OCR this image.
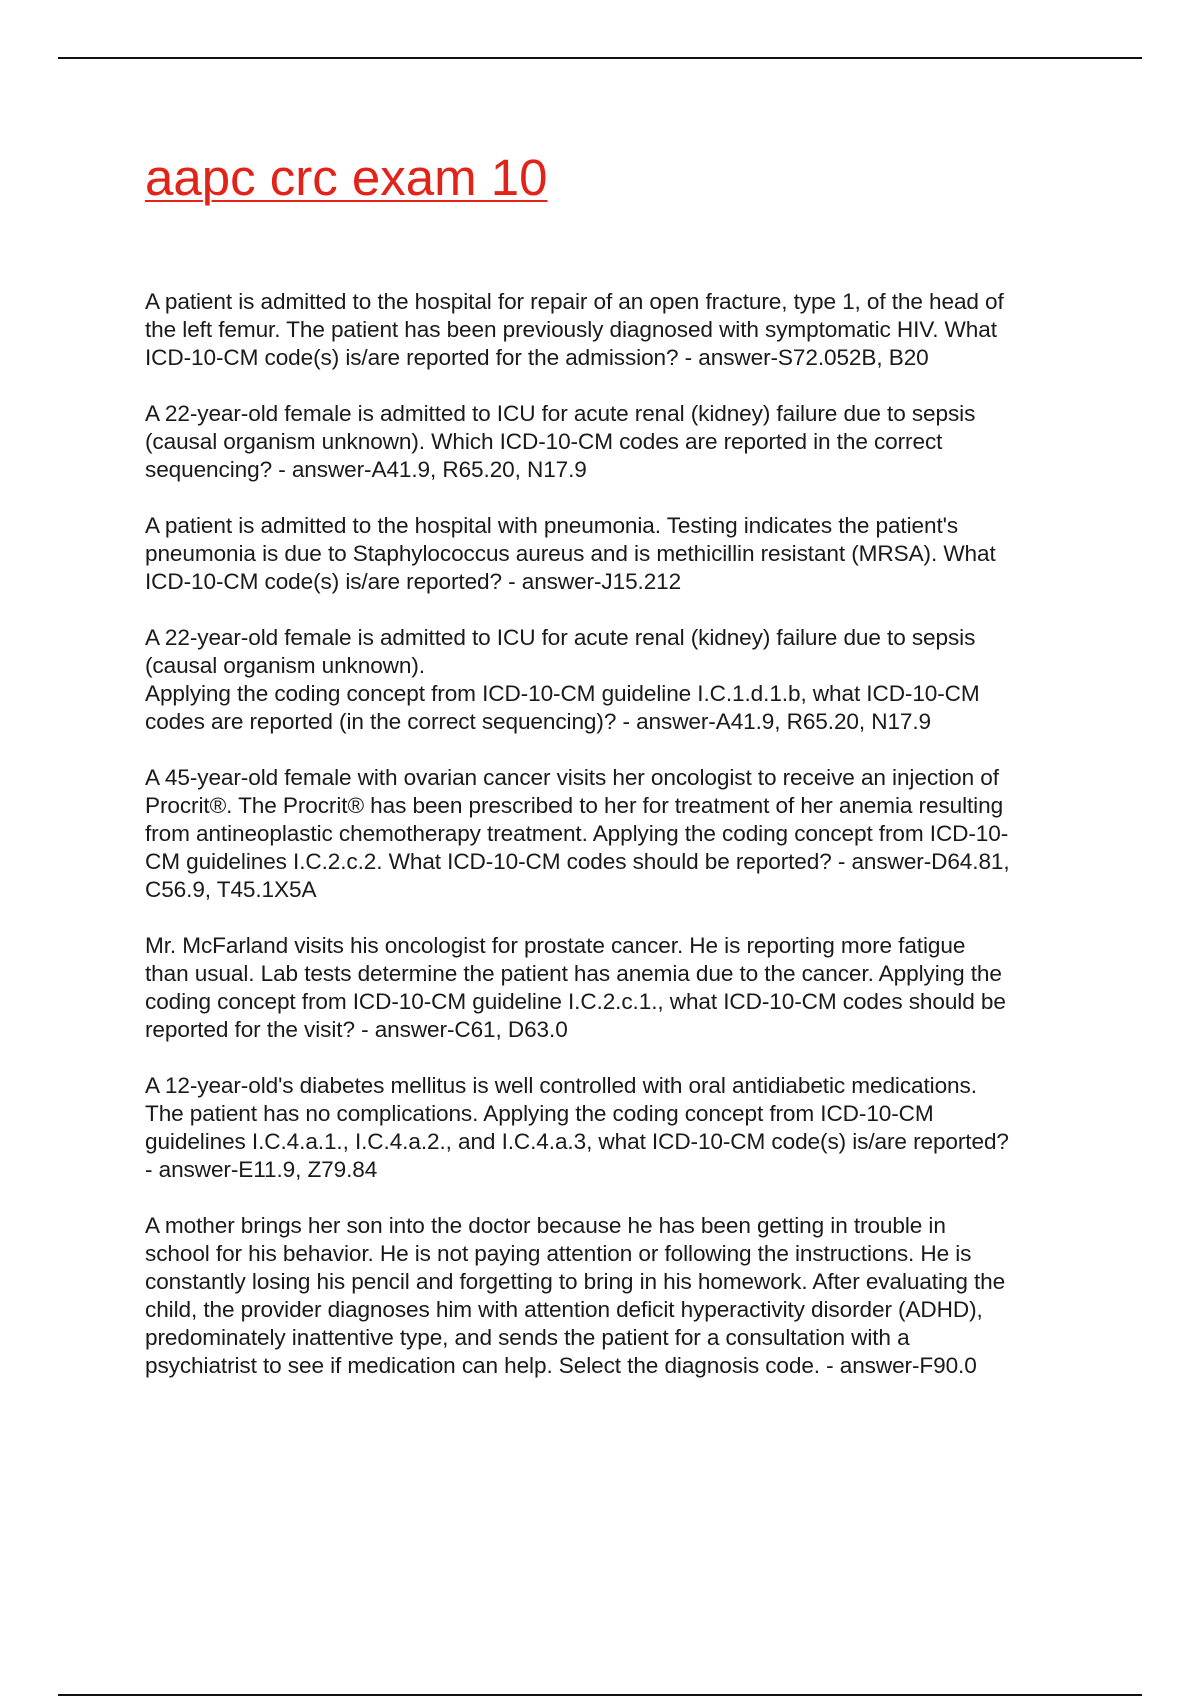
aapc crc exam 10

A patient is admitted to the hospital for repair of an open fracture, type 1, of the head of
the left femur. The patient has been previously diagnosed with symptomatic HIV. What
ICD-10-CM code(s) is/are reported for the admission? - answer-S72.052B, B20

A 22-year-old female is admitted to ICU for acute renal (kidney) failure due to sepsis
(causal organism unknown). Which ICD-10-CM codes are reported in the correct
sequencing? - answer-A41.9, R65.20, N17.9

A patient is admitted to the hospital with pneumonia. Testing indicates the patient's
pneumonia is due to Staphylococcus aureus and is methicillin resistant (MRSA). What
ICD-10-CM code(s) is/are reported? - answer-J15.212

A 22-year-old female is admitted to ICU for acute renal (kidney) failure due to sepsis
(causal organism unknown).
Applying the coding concept from ICD-10-CM guideline I.C.1.d.1.b, what ICD-10-CM
codes are reported (in the correct sequencing)? - answer-A41.9, R65.20, N17.9

A 45-year-old female with ovarian cancer visits her oncologist to receive an injection of
Procrit®. The Procrit® has been prescribed to her for treatment of her anemia resulting
from antineoplastic chemotherapy treatment. Applying the coding concept from ICD-10-
CM guidelines I.C.2.c.2. What ICD-10-CM codes should be reported? - answer-D64.81,
C56.9, T45.1X5A

Mr. McFarland visits his oncologist for prostate cancer. He is reporting more fatigue
than usual. Lab tests determine the patient has anemia due to the cancer. Applying the
coding concept from ICD-10-CM guideline I.C.2.c.1., what ICD-10-CM codes should be
reported for the visit? - answer-C61, D63.0

A 12-year-old's diabetes mellitus is well controlled with oral antidiabetic medications.
The patient has no complications. Applying the coding concept from ICD-10-CM
guidelines I.C.4.a.1., I.C.4.a.2., and I.C.4.a.3, what ICD-10-CM code(s) is/are reported?
- answer-E11.9, Z79.84

A mother brings her son into the doctor because he has been getting in trouble in
school for his behavior. He is not paying attention or following the instructions. He is
constantly losing his pencil and forgetting to bring in his homework. After evaluating the
child, the provider diagnoses him with attention deficit hyperactivity disorder (ADHD),
predominately inattentive type, and sends the patient for a consultation with a
psychiatrist to see if medication can help. Select the diagnosis code. - answer-F90.0
